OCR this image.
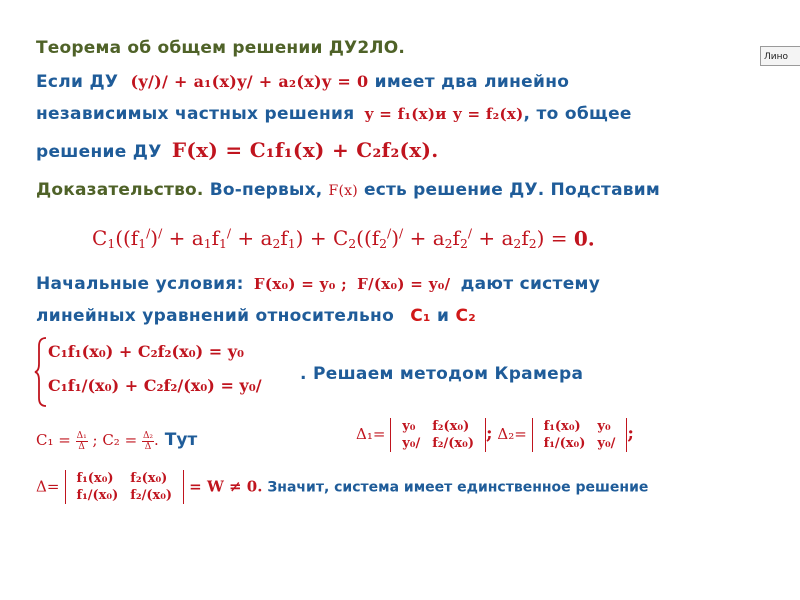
Лино
Теорема об общем решении ДУ2ЛО.
Если ДУ (y/)/ + a₁(x)y/ + a₂(x)y = 0 имеет два линейно
независимых частных решения y = f₁(x)и y = f₂(x), то общее
решение ДУ F(x) = C₁f₁(x) + C₂f₂(x).
Доказательство. Во-первых, F(x) есть решение ДУ. Подставим
$C_1((f_1^/)^/ + a_1f_1^/ + a_2f_1) + C_2((f_2^/)^/ + a_2f_2^/ + a_2f_2) = 0$.
Начальные условия: F(x₀) = y₀ ; F/(x₀) = y₀/ дают систему
линейных уравнений относительно C₁ и C₂
C₁f₁(x₀) + C₂f₂(x₀) = y₀
C₁f₁/(x₀) + C₂f₂/(x₀) = y₀/
. Решаем методом Крамера
$C_1 = \frac{\text{Δ₁}}{\Delta}$ ; $C_2 = \frac{\text{Δ₂}}{\Delta}$ . Тут	Δ₁= y₀	f₂(x₀)
y₀/	f₂/(x₀) ; Δ₂= f₁(x₀)	y₀
f₁/(x₀)	y₀/ ;
Δ= f₁(x₀)	f₂(x₀)
f₁/(x₀)	f₂/(x₀) = W ≠ 0. Значит, система имеет единственное решение
